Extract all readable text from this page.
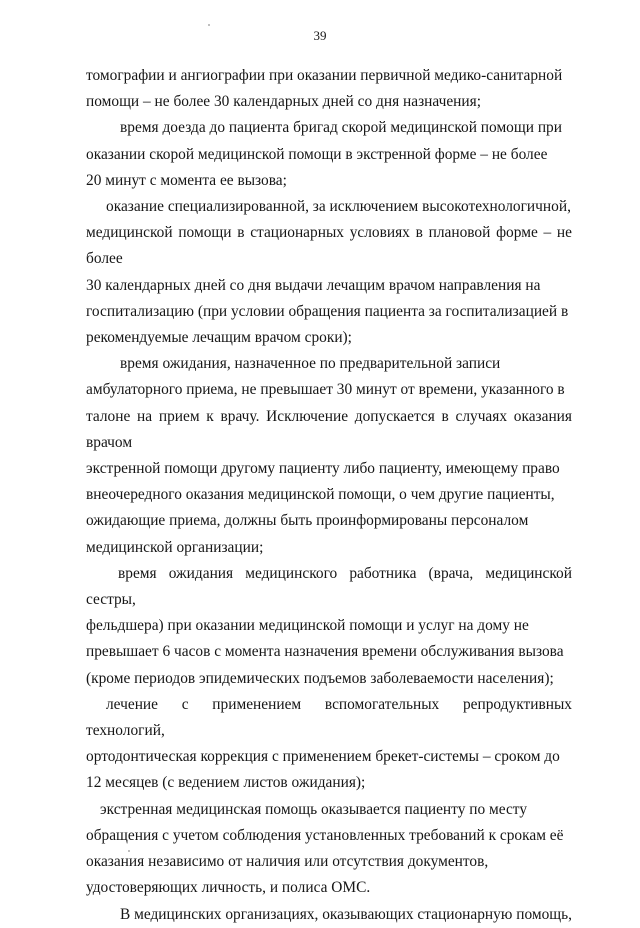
39

томографии и ангиографии при оказании первичной медико-санитарной
помощи – не более 30 календарных дней со дня назначения;

время доезда до пациента бригад скорой медицинской помощи при
оказании скорой медицинской помощи в экстренной форме – не более
20 минут с момента ее вызова;

оказание специализированной, за исключением высокотехнологичной,
медицинской помощи в стационарных условиях в плановой форме – не более
30 календарных дней со дня выдачи лечащим врачом направления на
госпитализацию (при условии обращения пациента за госпитализацией в
рекомендуемые лечащим врачом сроки);

время ожидания, назначенное по предварительной записи
амбулаторного приема, не превышает 30 минут от времени, указанного в
талоне на прием к врачу. Исключение допускается в случаях оказания врачом
экстренной помощи другому пациенту либо пациенту, имеющему право
внеочередного оказания медицинской помощи, о чем другие пациенты,
ожидающие приема, должны быть проинформированы персоналом
медицинской организации;

время ожидания медицинского работника (врача, медицинской сестры,
фельдшера) при оказании медицинской помощи и услуг на дому не
превышает 6 часов с момента назначения времени обслуживания вызова
(кроме периодов эпидемических подъемов заболеваемости населения);

лечение с применением вспомогательных репродуктивных технологий,
ортодонтическая коррекция с применением брекет-системы – сроком до
12 месяцев (с ведением листов ожидания);

экстренная медицинская помощь оказывается пациенту по месту
обращения с учетом соблюдения установленных требований к срокам её
оказания независимо от наличия или отсутствия документов,
удостоверяющих личность, и полиса ОМС.

В медицинских организациях, оказывающих стационарную помощь,
